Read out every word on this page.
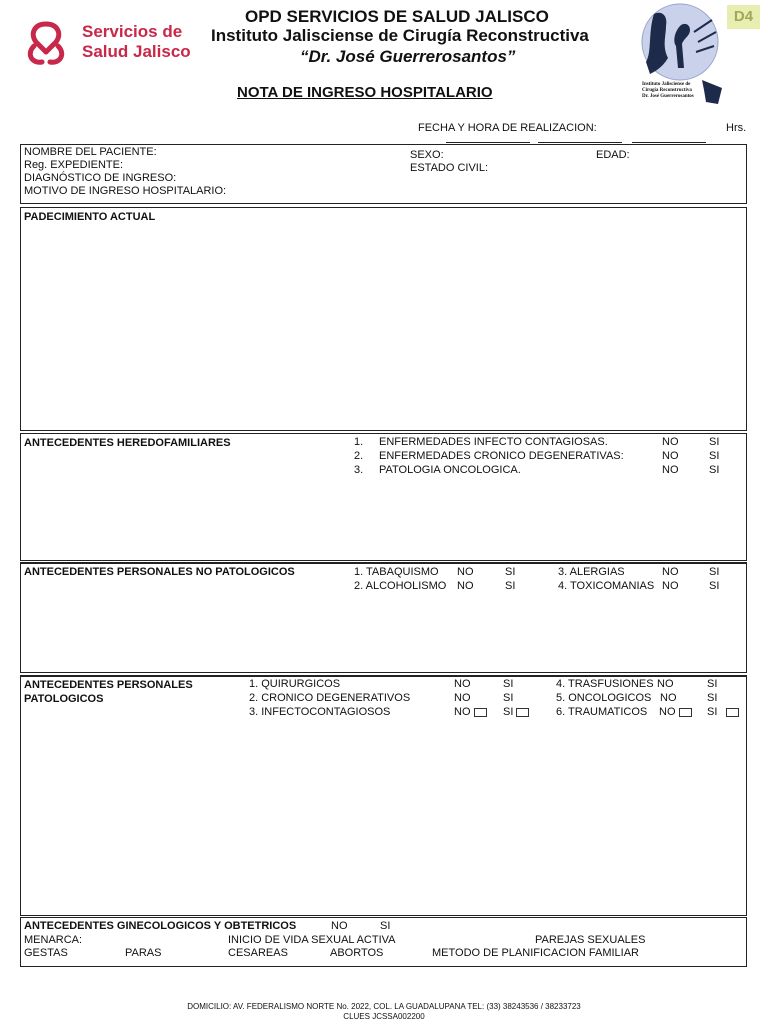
Servicios de
Salud Jalisco
OPD SERVICIOS DE SALUD JALISCO
Instituto Jalisciense de Cirugía Reconstructiva
“Dr. José Guerrerosantos”
Instituto Jalisciense de
Cirugía Reconstructiva
Dr. José Guerrerosantos
D4
NOTA DE INGRESO HOSPITALARIO
FECHA Y HORA DE REALIZACION:	Hrs.
NOMBRE DEL PACIENTE:
Reg. EXPEDIENTE:
DIAGNÓSTICO DE INGRESO:
MOTIVO DE INGRESO HOSPITALARIO:
SEXO:
ESTADO CIVIL:
EDAD:
PADECIMIENTO ACTUAL
ANTECEDENTES HEREDOFAMILIARES	1. ENFERMEDADES INFECTO CONTAGIOSAS.	NO	SI
2. ENFERMEDADES CRONICO DEGENERATIVAS:	NO	SI
3. PATOLOGIA ONCOLOGICA.	NO	SI
ANTECEDENTES PERSONALES NO PATOLOGICOS	1. TABAQUISMO NO	SI
2. ALCOHOLISMO NO	SI
3. ALERGIAS	NO	SI
4. TOXICOMANIAS NO	SI
ANTECEDENTES PERSONALES
PATOLOGICOS
1. QUIRURGICOS	NO	SI
2. CRONICO DEGENERATIVOS	NO	SI
3. INFECTOCONTAGIOSOS	NO	SI
4. TRASFUSIONES NO	SI
5. ONCOLOGICOS NO	SI
6. TRAUMATICOS NO	SI
ANTECEDENTES GINECOLOGICOS Y OBTETRICOS	NO	SI
MENARCA:	INICIO DE VIDA SEXUAL ACTIVA	PAREJAS SEXUALES
GESTAS	PARAS	CESAREAS	ABORTOS	METODO DE PLANIFICACION FAMILIAR
DOMICILIO: AV. FEDERALISMO NORTE No. 2022, COL. LA GUADALUPANA TEL: (33) 38243536 / 38233723
CLUES JCSSA002200
